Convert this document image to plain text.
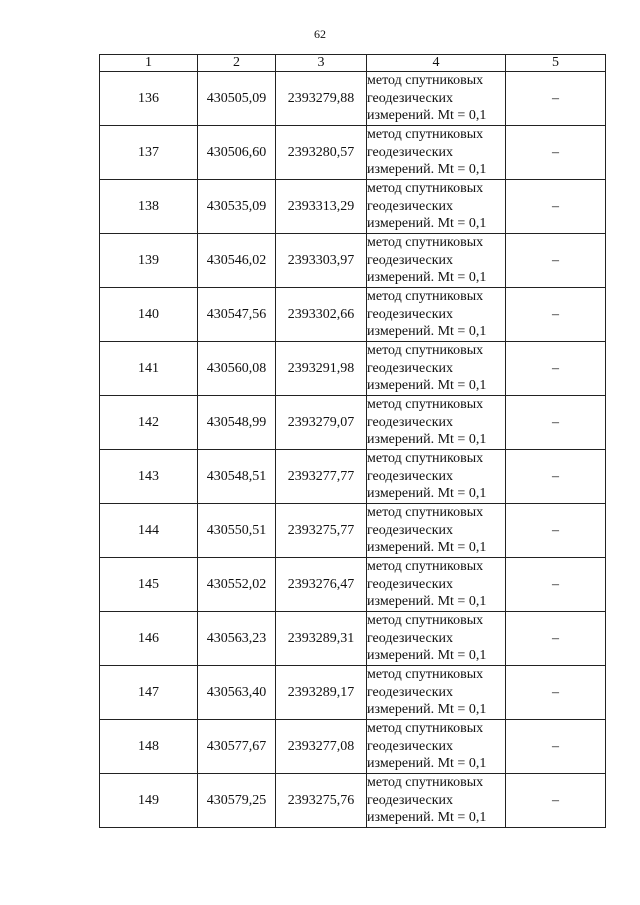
62
1	2	3	4	5
136	430505,09	2393279,88	метод спутниковых
геодезических
измерений. Mt = 0,1	–
137	430506,60	2393280,57	метод спутниковых
геодезических
измерений. Mt = 0,1	–
138	430535,09	2393313,29	метод спутниковых
геодезических
измерений. Mt = 0,1	–
139	430546,02	2393303,97	метод спутниковых
геодезических
измерений. Mt = 0,1	–
140	430547,56	2393302,66	метод спутниковых
геодезических
измерений. Mt = 0,1	–
141	430560,08	2393291,98	метод спутниковых
геодезических
измерений. Mt = 0,1	–
142	430548,99	2393279,07	метод спутниковых
геодезических
измерений. Mt = 0,1	–
143	430548,51	2393277,77	метод спутниковых
геодезических
измерений. Mt = 0,1	–
144	430550,51	2393275,77	метод спутниковых
геодезических
измерений. Mt = 0,1	–
145	430552,02	2393276,47	метод спутниковых
геодезических
измерений. Mt = 0,1	–
146	430563,23	2393289,31	метод спутниковых
геодезических
измерений. Mt = 0,1	–
147	430563,40	2393289,17	метод спутниковых
геодезических
измерений. Mt = 0,1	–
148	430577,67	2393277,08	метод спутниковых
геодезических
измерений. Mt = 0,1	–
149	430579,25	2393275,76	метод спутниковых
геодезических
измерений. Mt = 0,1	–
